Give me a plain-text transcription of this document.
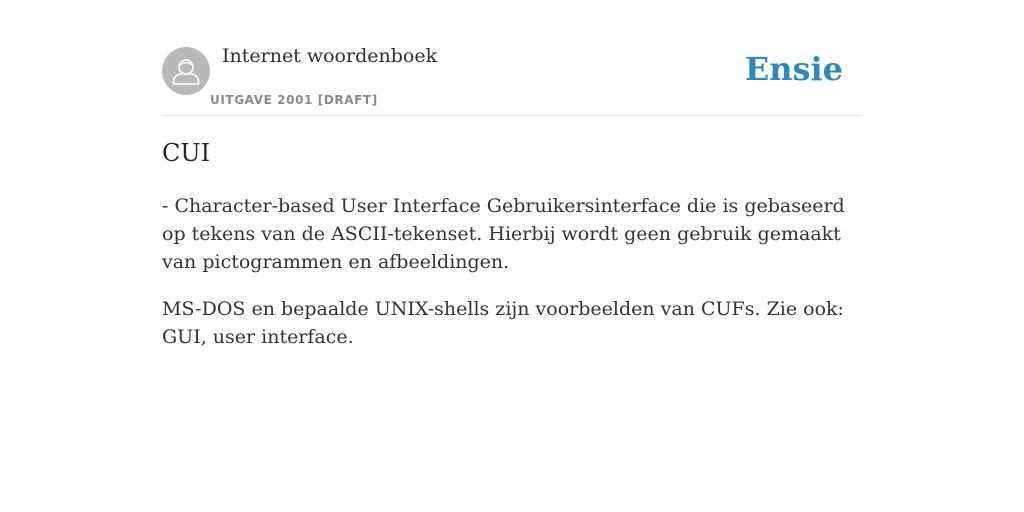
Internet woordenboek
UITGAVE 2001 [DRAFT]
Ensie
CUI

- Character-based User Interface Gebruikersinterface die is gebaseerd op tekens van de ASCII-tekenset. Hierbij wordt geen gebruik gemaakt van pictogrammen en afbeeldingen.

MS-DOS en bepaalde UNIX-shells zijn voorbeelden van CUFs. Zie ook: GUI, user interface.
